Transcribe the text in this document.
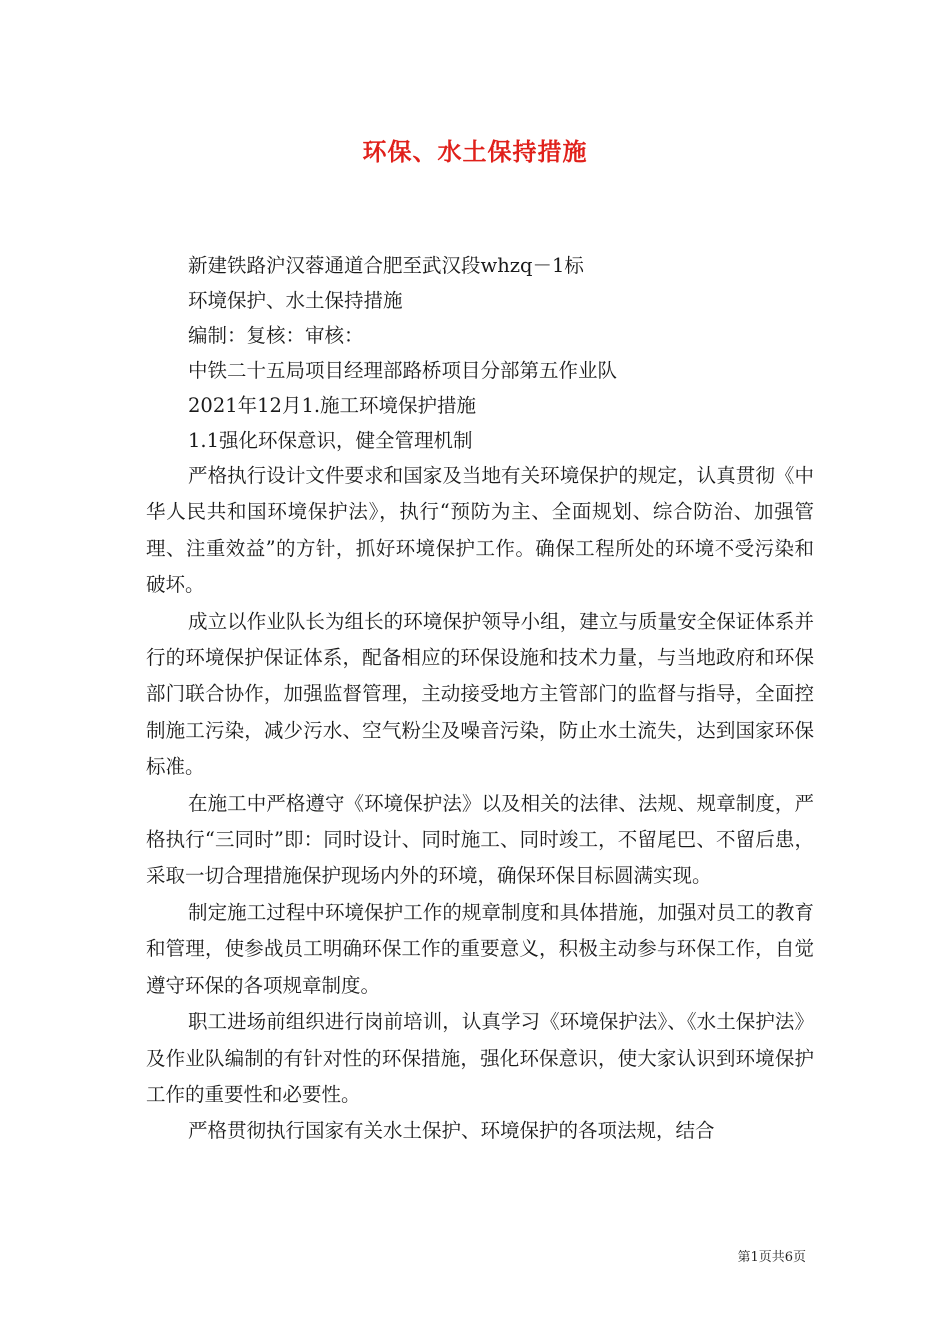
环保、水土保持措施
新建铁路沪汉蓉通道合肥至武汉段whzq－1标
环境保护、水土保持措施
编制：复核：审核：
中铁二十五局项目经理部路桥项目分部第五作业队
2021年12月1.施工环境保护措施
1.1强化环保意识，健全管理机制

严格执行设计文件要求和国家及当地有关环境保护的规定，认真贯彻《中华人民共和国环境保护法》，执行“预防为主、全面规划、综合防治、加强管理、注重效益”的方针，抓好环境保护工作。确保工程所处的环境不受污染和破坏。

成立以作业队长为组长的环境保护领导小组，建立与质量安全保证体系并行的环境保护保证体系，配备相应的环保设施和技术力量，与当地政府和环保部门联合协作，加强监督管理，主动接受地方主管部门的监督与指导，全面控制施工污染，减少污水、空气粉尘及噪音污染，防止水土流失，达到国家环保标准。

在施工中严格遵守《环境保护法》以及相关的法律、法规、规章制度，严格执行“三同时”即：同时设计、同时施工、同时竣工，不留尾巴、不留后患，采取一切合理措施保护现场内外的环境，确保环保目标圆满实现。

制定施工过程中环境保护工作的规章制度和具体措施，加强对员工的教育和管理，使参战员工明确环保工作的重要意义，积极主动参与环保工作，自觉遵守环保的各项规章制度。

职工进场前组织进行岗前培训，认真学习《环境保护法》、《水土保护法》及作业队编制的有针对性的环保措施，强化环保意识，使大家认识到环境保护工作的重要性和必要性。

严格贯彻执行国家有关水土保护、环境保护的各项法规，结合

第1页共6页
